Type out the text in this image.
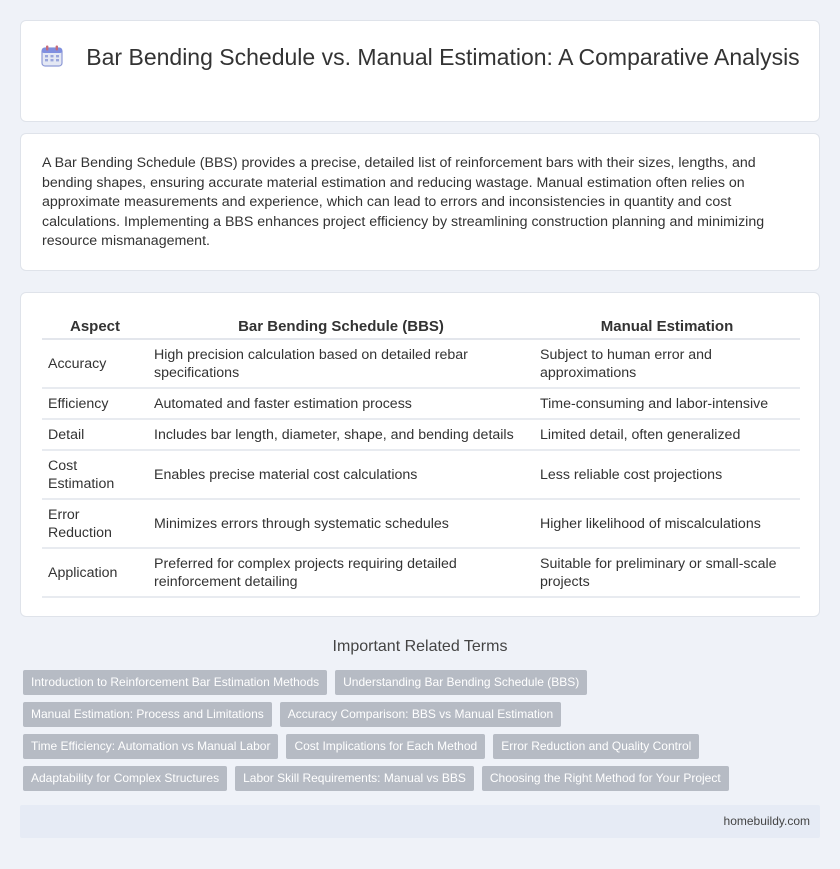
Bar Bending Schedule vs. Manual Estimation: A Comparative Analysis

A Bar Bending Schedule (BBS) provides a precise, detailed list of reinforcement bars with their sizes, lengths, and bending shapes, ensuring accurate material estimation and reducing wastage. Manual estimation often relies on approximate measurements and experience, which can lead to errors and inconsistencies in quantity and cost calculations. Implementing a BBS enhances project efficiency by streamlining construction planning and minimizing resource mismanagement.

Aspect	Bar Bending Schedule (BBS)	Manual Estimation
Accuracy	High precision calculation based on detailed rebar specifications	Subject to human error and approximations
Efficiency	Automated and faster estimation process	Time-consuming and labor-intensive
Detail	Includes bar length, diameter, shape, and bending details	Limited detail, often generalized
Cost Estimation	Enables precise material cost calculations	Less reliable cost projections
Error Reduction	Minimizes errors through systematic schedules	Higher likelihood of miscalculations
Application	Preferred for complex projects requiring detailed reinforcement detailing	Suitable for preliminary or small-scale projects
Important Related Terms
Introduction to Reinforcement Bar Estimation Methods Understanding Bar Bending Schedule (BBS)
Manual Estimation: Process and Limitations Accuracy Comparison: BBS vs Manual Estimation
Time Efficiency: Automation vs Manual Labor Cost Implications for Each Method Error Reduction and Quality Control
Adaptability for Complex Structures Labor Skill Requirements: Manual vs BBS Choosing the Right Method for Your Project
homebuildy.com
